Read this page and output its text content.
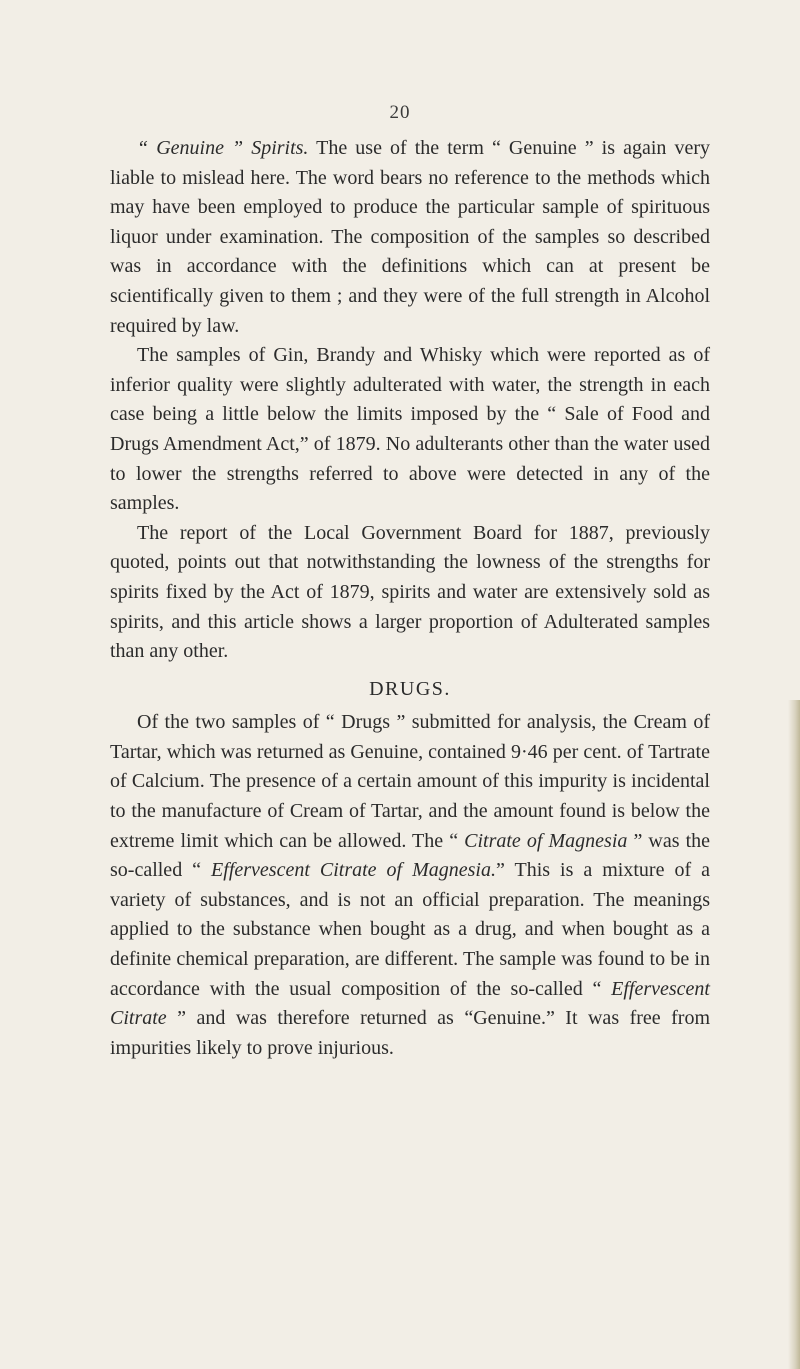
20

“ Genuine ” Spirits. The use of the term “ Genuine ” is again very liable to mislead here. The word bears no reference to the methods which may have been employed to produce the particular sample of spirituous liquor under examination. The composition of the samples so described was in accordance with the definitions which can at present be scientifically given to them ; and they were of the full strength in Alcohol required by law.

The samples of Gin, Brandy and Whisky which were reported as of inferior quality were slightly adulterated with water, the strength in each case being a little below the limits imposed by the “ Sale of Food and Drugs Amendment Act,” of 1879. No adulterants other than the water used to lower the strengths referred to above were detected in any of the samples.

The report of the Local Government Board for 1887, previously quoted, points out that notwithstanding the lowness of the strengths for spirits fixed by the Act of 1879, spirits and water are extensively sold as spirits, and this article shows a larger proportion of Adulterated samples than any other.

DRUGS.

Of the two samples of “ Drugs ” submitted for analysis, the Cream of Tartar, which was returned as Genuine, contained 9·46 per cent. of Tartrate of Calcium. The presence of a certain amount of this impurity is incidental to the manufacture of Cream of Tartar, and the amount found is below the extreme limit which can be allowed. The “ Citrate of Magnesia ” was the so-called “ Effervescent Citrate of Magnesia.” This is a mixture of a variety of substances, and is not an official preparation. The meanings applied to the substance when bought as a drug, and when bought as a definite chemical preparation, are different. The sample was found to be in accordance with the usual composition of the so-called “ Effervescent Citrate ” and was therefore returned as “Genuine.” It was free from impurities likely to prove injurious.
